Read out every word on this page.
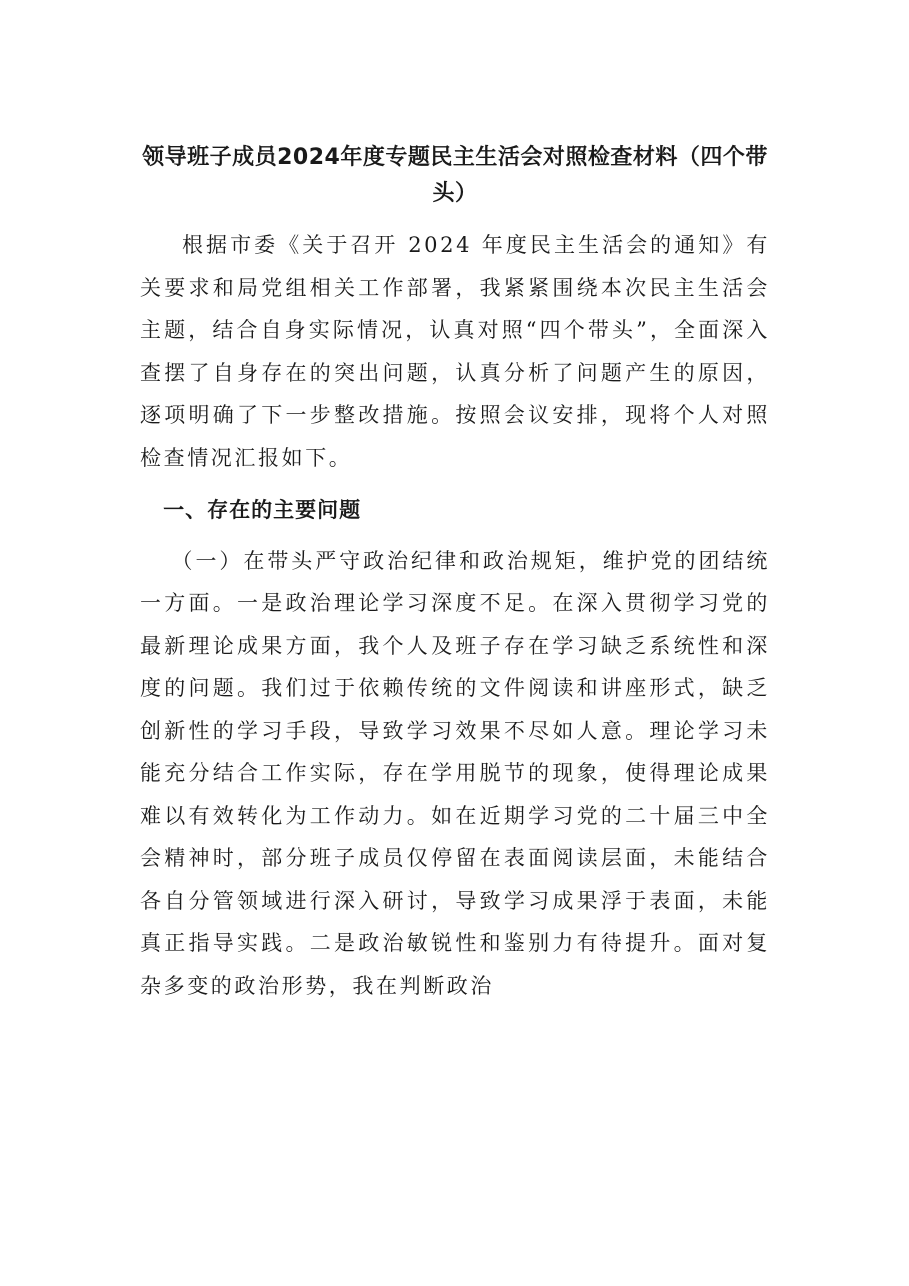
领导班子成员2024年度专题民主生活会对照检查材料（四个带头）

根据市委《关于召开 2024 年度民主生活会的通知》有关要求和局党组相关工作部署，我紧紧围绕本次民主生活会主题，结合自身实际情况，认真对照“四个带头”，全面深入查摆了自身存在的突出问题，认真分析了问题产生的原因，逐项明确了下一步整改措施。按照会议安排，现将个人对照检查情况汇报如下。

一、存在的主要问题

（一）在带头严守政治纪律和政治规矩，维护党的团结统一方面。一是政治理论学习深度不足。在深入贯彻学习党的最新理论成果方面，我个人及班子存在学习缺乏系统性和深度的问题。我们过于依赖传统的文件阅读和讲座形式，缺乏创新性的学习手段，导致学习效果不尽如人意。理论学习未能充分结合工作实际，存在学用脱节的现象，使得理论成果难以有效转化为工作动力。如在近期学习党的二十届三中全会精神时，部分班子成员仅停留在表面阅读层面，未能结合各自分管领域进行深入研讨，导致学习成果浮于表面，未能真正指导实践。二是政治敏锐性和鉴别力有待提升。面对复杂多变的政治形势，我在判断政治
